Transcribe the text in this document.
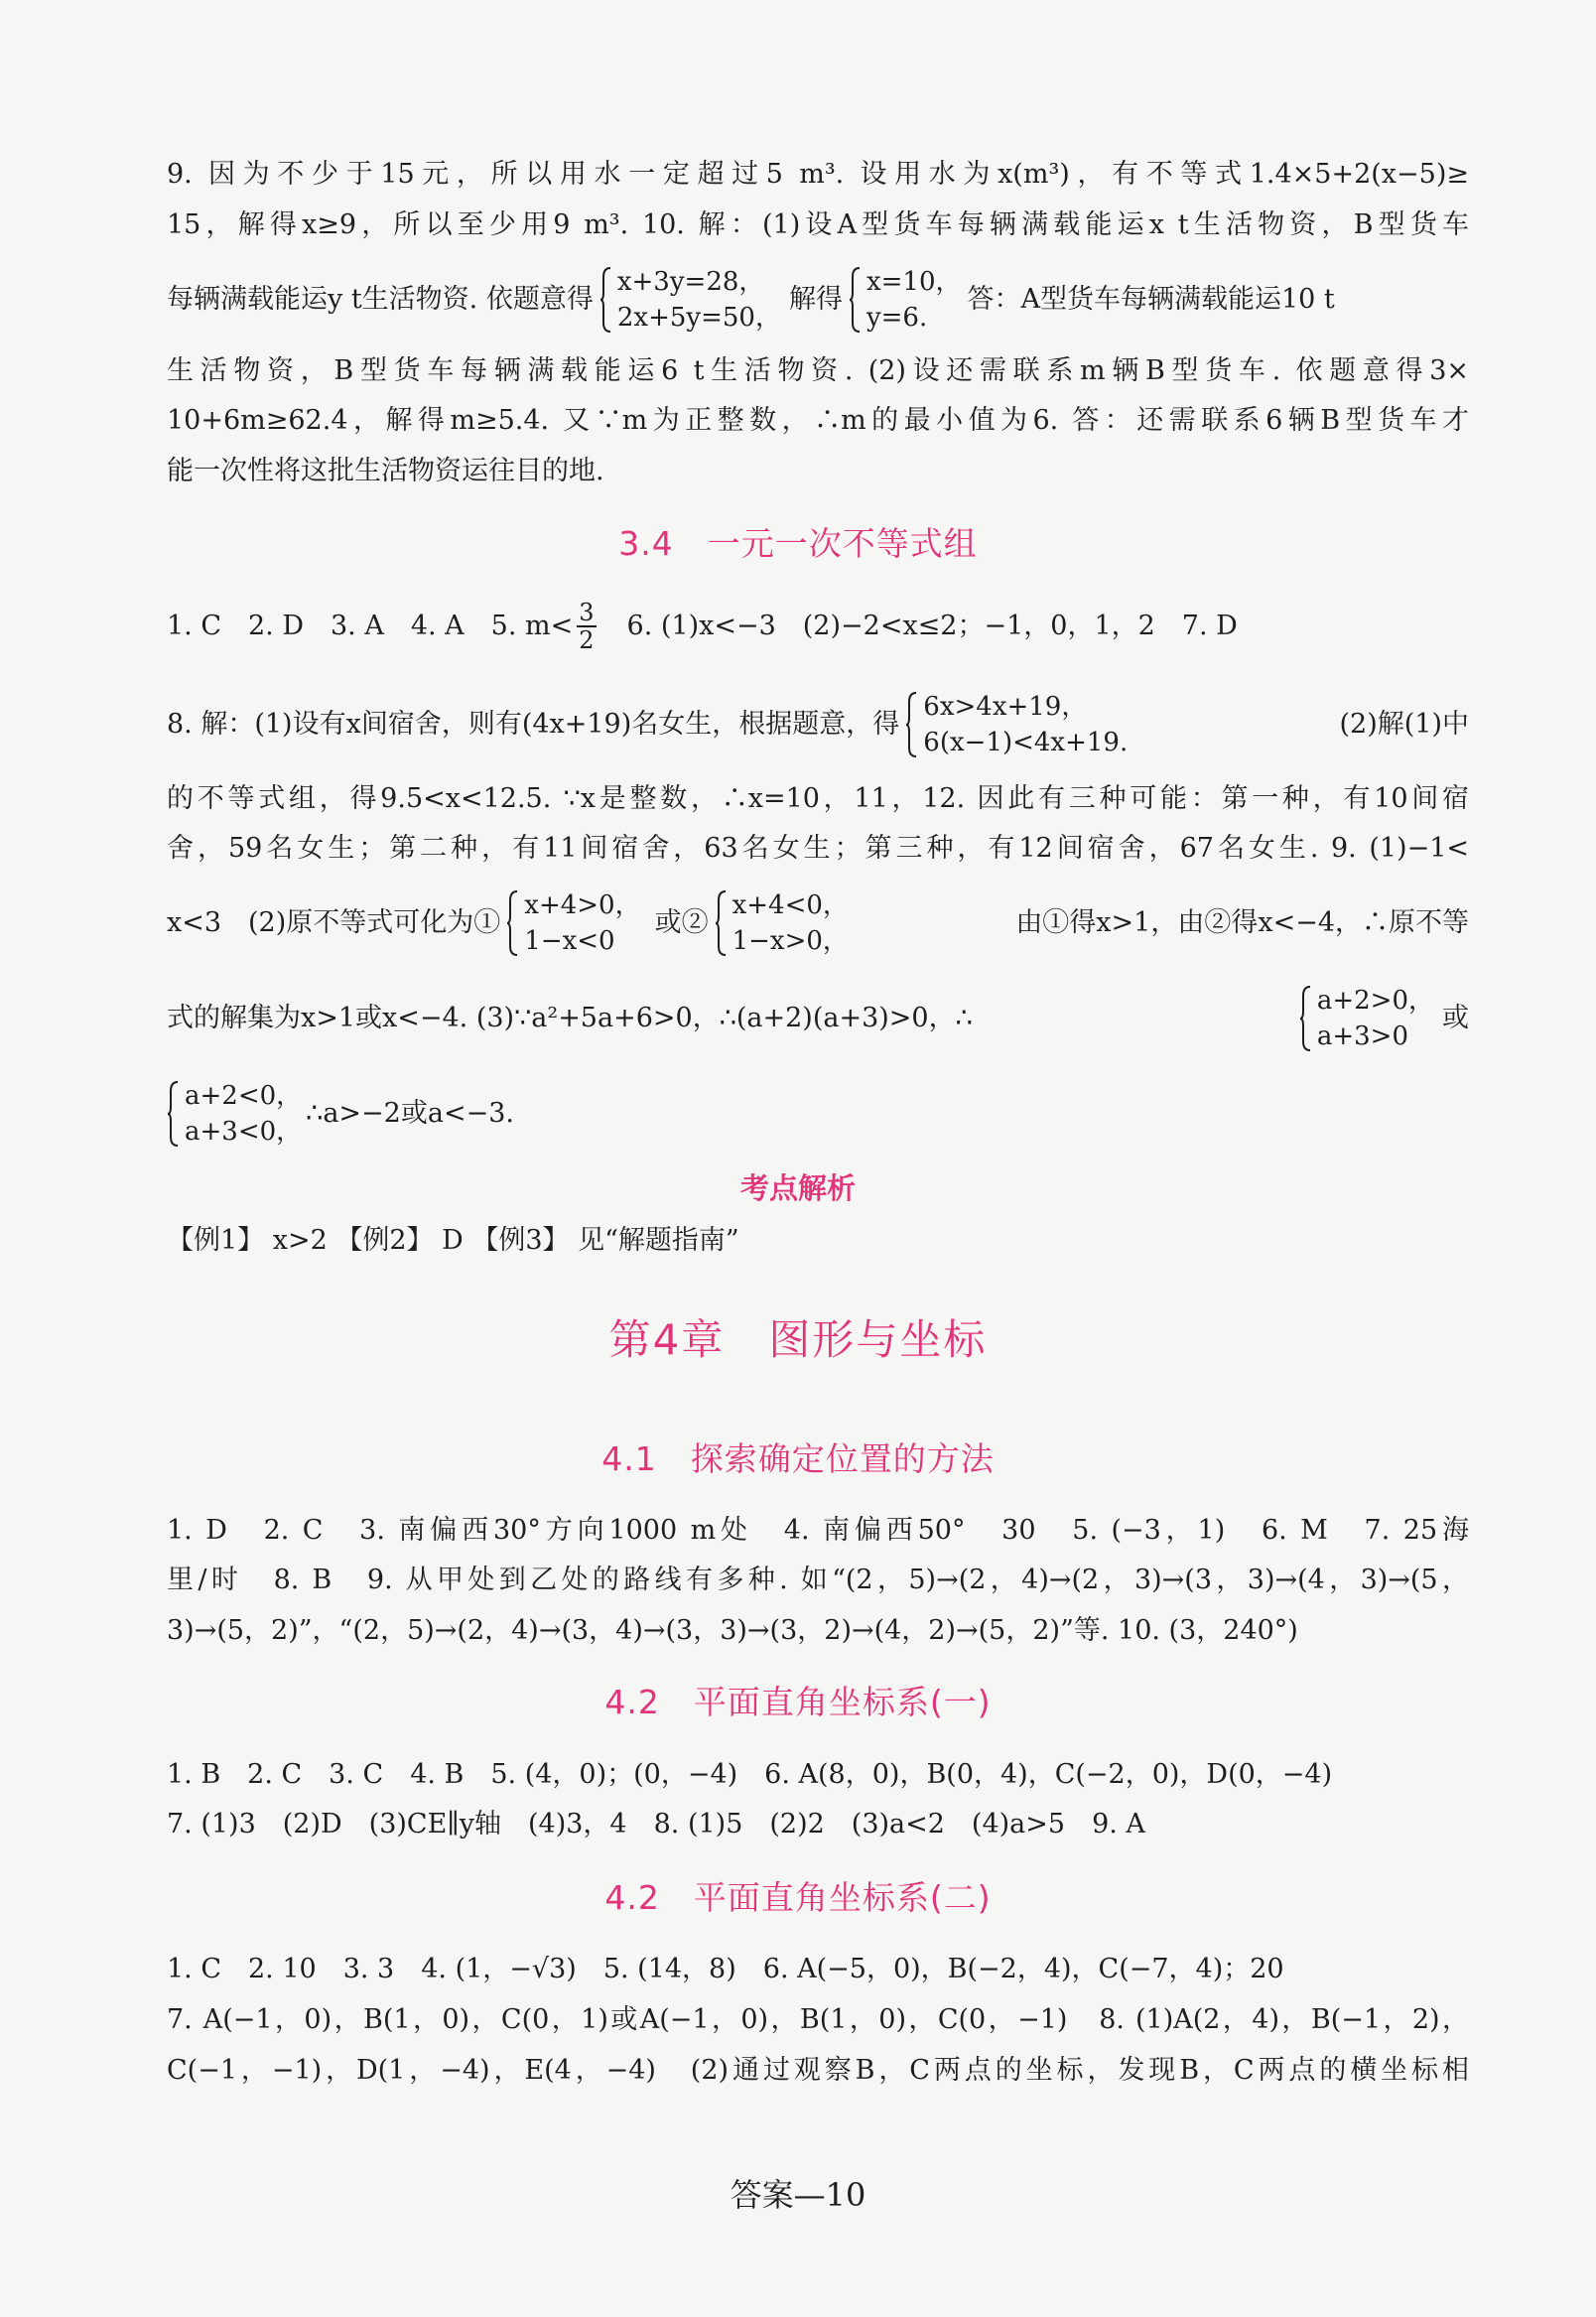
9. 因为不少于15元，所以用水一定超过5 m³. 设用水为x(m³)，有不等式1.4×5+2(x−5)≥
15，解得x≥9，所以至少用9 m³. 10. 解：(1)设A型货车每辆满载能运x t生活物资，B型货车
每辆满载能运y t生活物资. 依题意得
x+3y=28，
2x+5y=50，
解得
x=10，
y=6.
答：A型货车每辆满载能运10 t
生活物资，B型货车每辆满载能运6 t生活物资. (2)设还需联系m辆B型货车. 依题意得3×
10+6m≥62.4，解得m≥5.4. 又∵m为正整数，∴m的最小值为6. 答：还需联系6辆B型货车才
能一次性将这批生活物资运往目的地.
3.4　一元一次不等式组
1. C　2. D　3. A　4. A　5. $m< \frac{3}{2}$ 　6. (1)x<−3　(2)−2<x≤2；−1，0，1，2　7. D
8. 解：(1)设有x间宿舍，则有(4x+19)名女生，根据题意，得
6x>4x+19，
6(x−1)<4x+19.
(2)解(1)中
的不等式组，得9.5<x<12.5. ∵x是整数，∴x=10，11，12. 因此有三种可能：第一种，有10间宿
舍，59名女生；第二种，有11间宿舍，63名女生；第三种，有12间宿舍，67名女生. 9. (1)−1<
x<3　(2)原不等式可化为①
x+4>0，
1−x<0
或②
x+4<0，
1−x>0，
由①得x>1，由②得x<−4，∴原不等
式的解集为x>1或x<−4. (3)∵a²+5a+6>0，∴(a+2)(a+3)>0，∴
a+2>0，
a+3>0
或
a+2<0，
a+3<0，
∴a>−2或a<−3.
考点解析
【例1】 x>2 【例2】 D 【例3】 见“解题指南”
第4章　图形与坐标
4.1　探索确定位置的方法
1. D　2. C　3. 南偏西30°方向1000 m处　4. 南偏西50°　30　5. (−3，1)　6. M　7. 25海
里/时　8. B　9. 从甲处到乙处的路线有多种. 如“(2，5)→(2，4)→(2，3)→(3，3)→(4，3)→(5，
3)→(5，2)”，“(2，5)→(2，4)→(3，4)→(3，3)→(3，2)→(4，2)→(5，2)”等. 10. (3，240°)
4.2　平面直角坐标系(一)
1. B　2. C　3. C　4. B　5. (4，0)；(0，−4)　6. A(8，0)，B(0，4)，C(−2，0)，D(0，−4)
7. (1)3　(2)D　(3)CE∥y轴　(4)3，4　8. (1)5　(2)2　(3)a<2　(4)a>5　9. A
4.2　平面直角坐标系(二)
1. C　2. 10　3. 3　4. (1，−√3)　5. (14，8)　6. A(−5，0)，B(−2，4)，C(−7，4)；20
7. A(−1，0)，B(1，0)，C(0，1)或A(−1，0)，B(1，0)，C(0，−1)　8. (1)A(2，4)，B(−1，2)，
C(−1，−1)，D(1，−4)，E(4，−4)　(2)通过观察B，C两点的坐标，发现B，C两点的横坐标相
答案—10
